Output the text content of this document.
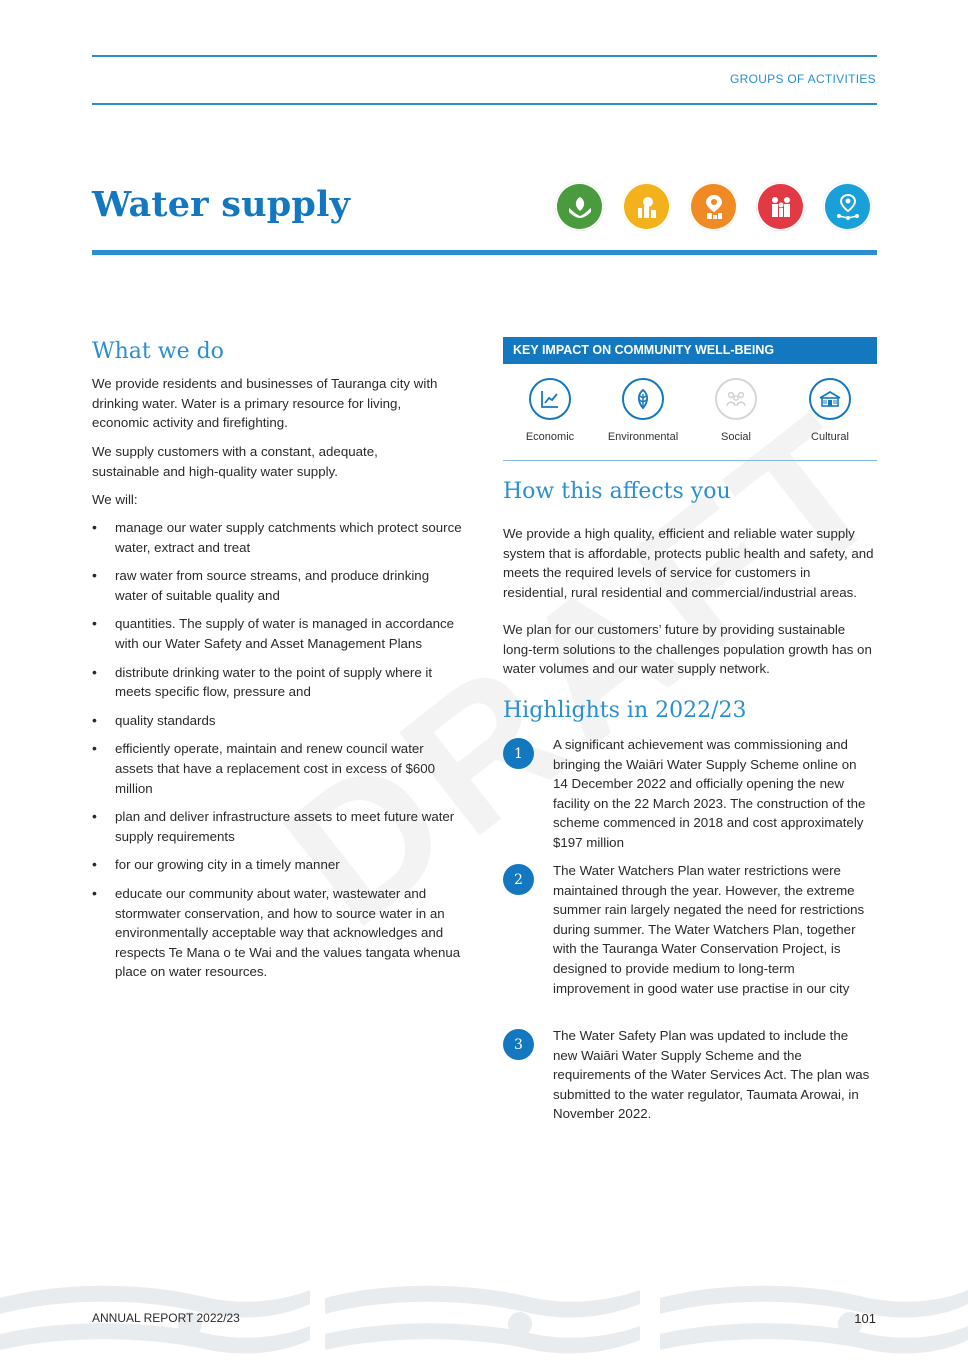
GROUPS OF ACTIVITIES
Water supply
What we do
We provide residents and businesses of Tauranga city with drinking water. Water is a primary resource for living, economic activity and firefighting.
We supply customers with a constant, adequate, sustainable and high-quality water supply.
We will:
• manage our water supply catchments which protect source water, extract and treat
• raw water from source streams, and produce drinking water of suitable quality and
• quantities. The supply of water is managed in accordance with our Water Safety and Asset Management Plans
• distribute drinking water to the point of supply where it meets specific flow, pressure and
• quality standards
• efficiently operate, maintain and renew council water assets that have a replacement cost in excess of $600 million
• plan and deliver infrastructure assets to meet future water supply requirements
• for our growing city in a timely manner
• educate our community about water, wastewater and stormwater conservation, and how to source water in an environmentally acceptable way that acknowledges and respects Te Mana o te Wai and the values tangata whenua place on water resources.
KEY IMPACT ON COMMUNITY WELL-BEING
Economic	Environmental	Social	Cultural
How this affects you
We provide a high quality, efficient and reliable water supply system that is affordable, protects public health and safety, and meets the required levels of service for customers in residential, rural residential and commercial/industrial areas.
We plan for our customers’ future by providing sustainable long-term solutions to the challenges population growth has on water volumes and our water supply network.
Highlights in 2022/23
1
A significant achievement was commissioning and bringing the Waiāri Water Supply Scheme online on 14 December 2022 and officially opening the new facility on the 22 March 2023. The construction of the scheme commenced in 2018 and cost approximately $197 million
2
The Water Watchers Plan water restrictions were maintained through the year. However, the extreme summer rain largely negated the need for restrictions during summer. The Water Watchers Plan, together with the Tauranga Water Conservation Project, is designed to provide medium to long-term improvement in good water use practise in our city
3
The Water Safety Plan was updated to include the new Waiāri Water Supply Scheme and the requirements of the Water Services Act. The plan was submitted to the water regulator, Taumata Arowai, in November 2022.
ANNUAL REPORT 2022/23	101
